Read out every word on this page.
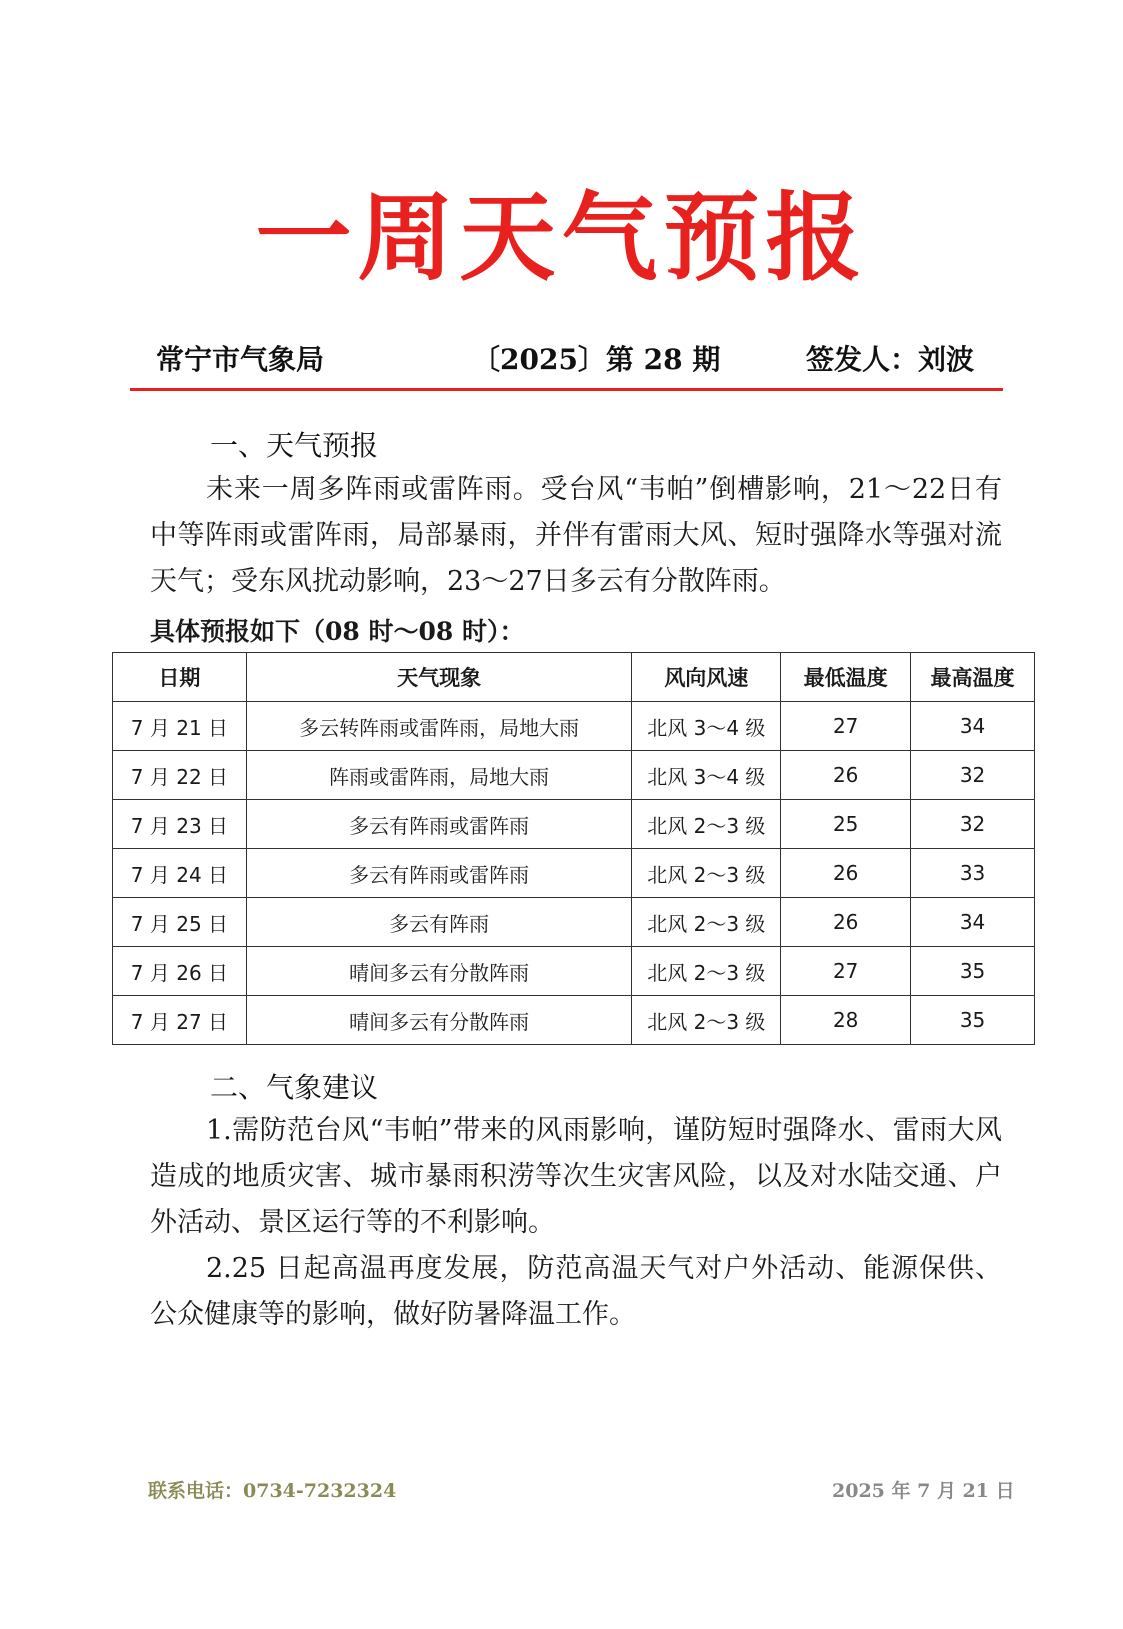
一周天气预报
常宁市气象局	〔2025〕第 28 期	签发人：刘波
一、天气预报
未来一周多阵雨或雷阵雨。受台风“韦帕”倒槽影响，21～22日有中等阵雨或雷阵雨，局部暴雨，并伴有雷雨大风、短时强降水等强对流天气；受东风扰动影响，23～27日多云有分散阵雨。
具体预报如下（08 时～08 时）：
日期	天气现象	风向风速	最低温度	最高温度
7 月 21 日	多云转阵雨或雷阵雨，局地大雨	北风 3～4 级	27	34
7 月 22 日	阵雨或雷阵雨，局地大雨	北风 3～4 级	26	32
7 月 23 日	多云有阵雨或雷阵雨	北风 2～3 级	25	32
7 月 24 日	多云有阵雨或雷阵雨	北风 2～3 级	26	33
7 月 25 日	多云有阵雨	北风 2～3 级	26	34
7 月 26 日	晴间多云有分散阵雨	北风 2～3 级	27	35
7 月 27 日	晴间多云有分散阵雨	北风 2～3 级	28	35
二、气象建议
1.需防范台风“韦帕”带来的风雨影响，谨防短时强降水、雷雨大风造成的地质灾害、城市暴雨积涝等次生灾害风险，以及对水陆交通、户外活动、景区运行等的不利影响。
2.25 日起高温再度发展，防范高温天气对户外活动、能源保供、公众健康等的影响，做好防暑降温工作。
联系电话：0734-7232324	2025 年 7 月 21 日
